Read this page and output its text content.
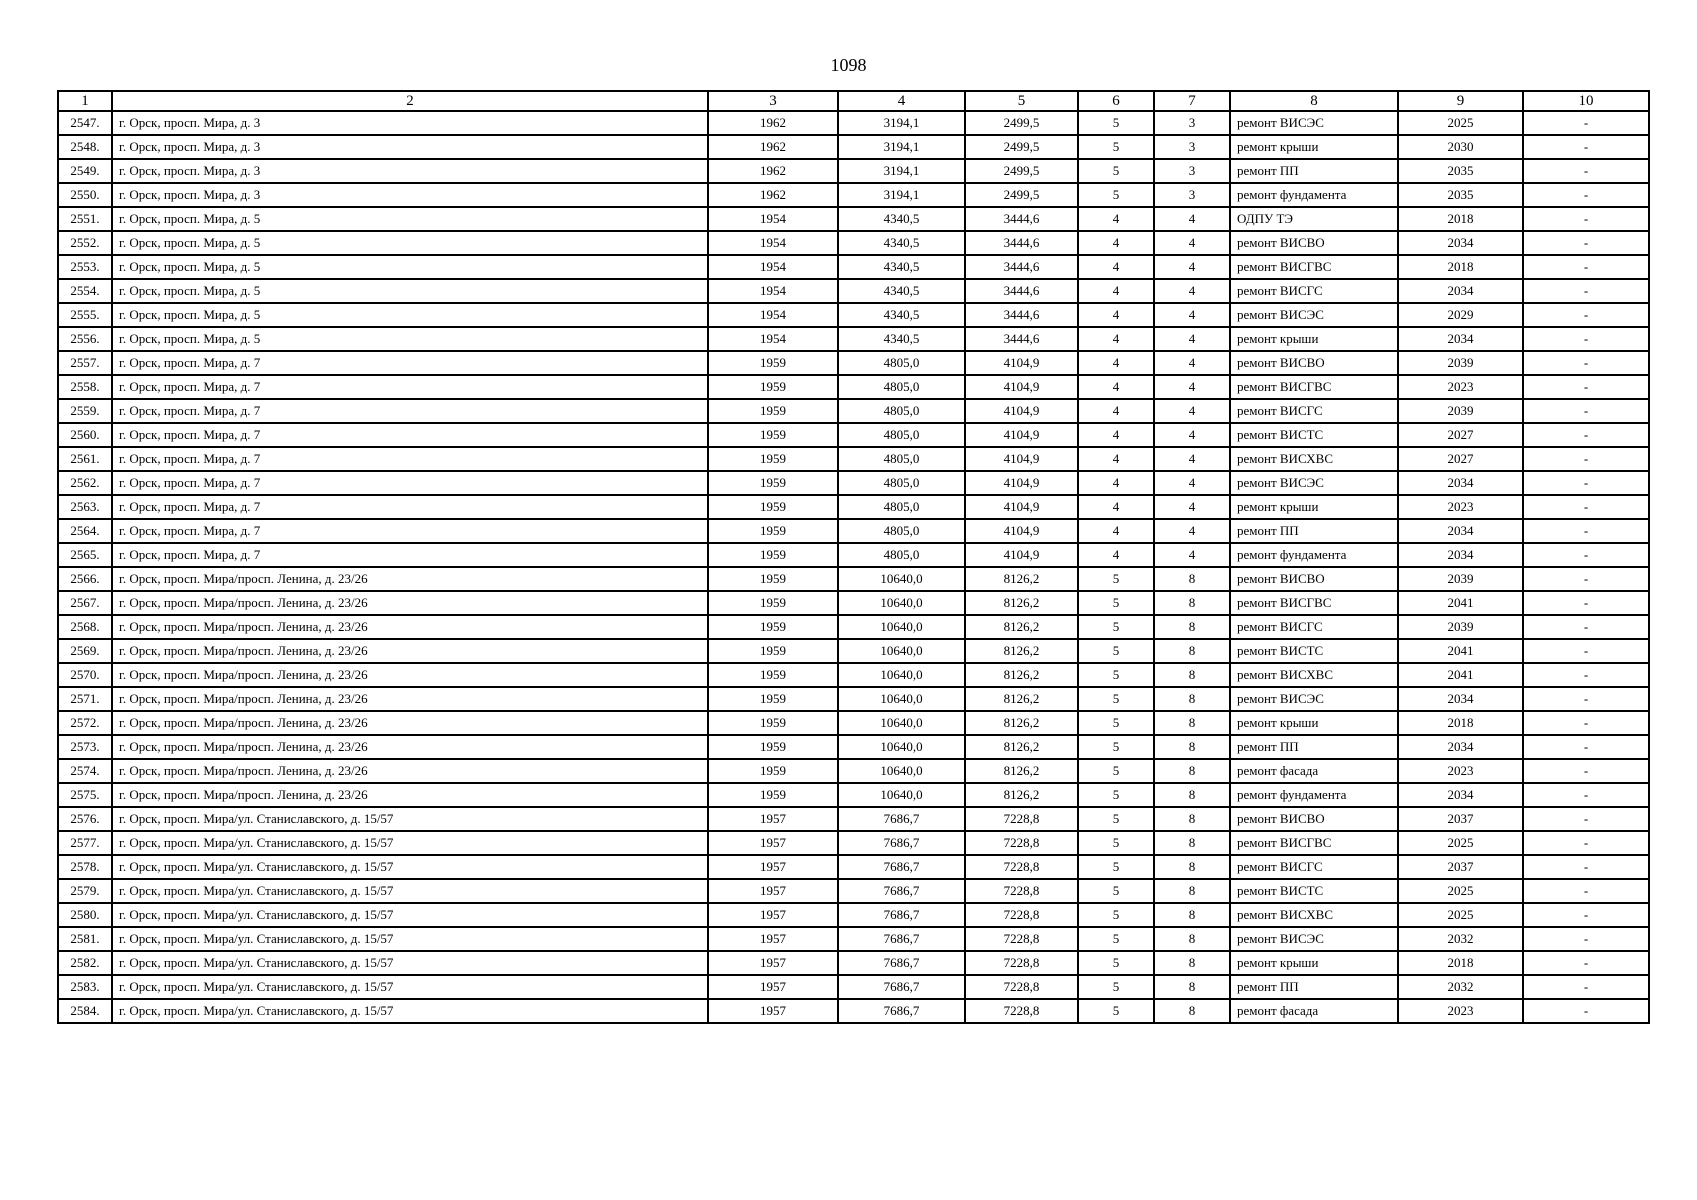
1098
1	2	3	4	5	6	7	8	9	10
2547.	г. Орск, просп. Мира, д. 3	1962	3194,1	2499,5	5	3	ремонт ВИСЭС	2025	-
2548.	г. Орск, просп. Мира, д. 3	1962	3194,1	2499,5	5	3	ремонт крыши	2030	-
2549.	г. Орск, просп. Мира, д. 3	1962	3194,1	2499,5	5	3	ремонт ПП	2035	-
2550.	г. Орск, просп. Мира, д. 3	1962	3194,1	2499,5	5	3	ремонт фундамента	2035	-
2551.	г. Орск, просп. Мира, д. 5	1954	4340,5	3444,6	4	4	ОДПУ ТЭ	2018	-
2552.	г. Орск, просп. Мира, д. 5	1954	4340,5	3444,6	4	4	ремонт ВИСВО	2034	-
2553.	г. Орск, просп. Мира, д. 5	1954	4340,5	3444,6	4	4	ремонт ВИСГВС	2018	-
2554.	г. Орск, просп. Мира, д. 5	1954	4340,5	3444,6	4	4	ремонт ВИСГС	2034	-
2555.	г. Орск, просп. Мира, д. 5	1954	4340,5	3444,6	4	4	ремонт ВИСЭС	2029	-
2556.	г. Орск, просп. Мира, д. 5	1954	4340,5	3444,6	4	4	ремонт крыши	2034	-
2557.	г. Орск, просп. Мира, д. 7	1959	4805,0	4104,9	4	4	ремонт ВИСВО	2039	-
2558.	г. Орск, просп. Мира, д. 7	1959	4805,0	4104,9	4	4	ремонт ВИСГВС	2023	-
2559.	г. Орск, просп. Мира, д. 7	1959	4805,0	4104,9	4	4	ремонт ВИСГС	2039	-
2560.	г. Орск, просп. Мира, д. 7	1959	4805,0	4104,9	4	4	ремонт ВИСТС	2027	-
2561.	г. Орск, просп. Мира, д. 7	1959	4805,0	4104,9	4	4	ремонт ВИСХВС	2027	-
2562.	г. Орск, просп. Мира, д. 7	1959	4805,0	4104,9	4	4	ремонт ВИСЭС	2034	-
2563.	г. Орск, просп. Мира, д. 7	1959	4805,0	4104,9	4	4	ремонт крыши	2023	-
2564.	г. Орск, просп. Мира, д. 7	1959	4805,0	4104,9	4	4	ремонт ПП	2034	-
2565.	г. Орск, просп. Мира, д. 7	1959	4805,0	4104,9	4	4	ремонт фундамента	2034	-
2566.	г. Орск, просп. Мира/просп. Ленина, д. 23/26	1959	10640,0	8126,2	5	8	ремонт ВИСВО	2039	-
2567.	г. Орск, просп. Мира/просп. Ленина, д. 23/26	1959	10640,0	8126,2	5	8	ремонт ВИСГВС	2041	-
2568.	г. Орск, просп. Мира/просп. Ленина, д. 23/26	1959	10640,0	8126,2	5	8	ремонт ВИСГС	2039	-
2569.	г. Орск, просп. Мира/просп. Ленина, д. 23/26	1959	10640,0	8126,2	5	8	ремонт ВИСТС	2041	-
2570.	г. Орск, просп. Мира/просп. Ленина, д. 23/26	1959	10640,0	8126,2	5	8	ремонт ВИСХВС	2041	-
2571.	г. Орск, просп. Мира/просп. Ленина, д. 23/26	1959	10640,0	8126,2	5	8	ремонт ВИСЭС	2034	-
2572.	г. Орск, просп. Мира/просп. Ленина, д. 23/26	1959	10640,0	8126,2	5	8	ремонт крыши	2018	-
2573.	г. Орск, просп. Мира/просп. Ленина, д. 23/26	1959	10640,0	8126,2	5	8	ремонт ПП	2034	-
2574.	г. Орск, просп. Мира/просп. Ленина, д. 23/26	1959	10640,0	8126,2	5	8	ремонт фасада	2023	-
2575.	г. Орск, просп. Мира/просп. Ленина, д. 23/26	1959	10640,0	8126,2	5	8	ремонт фундамента	2034	-
2576.	г. Орск, просп. Мира/ул. Станиславского, д. 15/57	1957	7686,7	7228,8	5	8	ремонт ВИСВО	2037	-
2577.	г. Орск, просп. Мира/ул. Станиславского, д. 15/57	1957	7686,7	7228,8	5	8	ремонт ВИСГВС	2025	-
2578.	г. Орск, просп. Мира/ул. Станиславского, д. 15/57	1957	7686,7	7228,8	5	8	ремонт ВИСГС	2037	-
2579.	г. Орск, просп. Мира/ул. Станиславского, д. 15/57	1957	7686,7	7228,8	5	8	ремонт ВИСТС	2025	-
2580.	г. Орск, просп. Мира/ул. Станиславского, д. 15/57	1957	7686,7	7228,8	5	8	ремонт ВИСХВС	2025	-
2581.	г. Орск, просп. Мира/ул. Станиславского, д. 15/57	1957	7686,7	7228,8	5	8	ремонт ВИСЭС	2032	-
2582.	г. Орск, просп. Мира/ул. Станиславского, д. 15/57	1957	7686,7	7228,8	5	8	ремонт крыши	2018	-
2583.	г. Орск, просп. Мира/ул. Станиславского, д. 15/57	1957	7686,7	7228,8	5	8	ремонт ПП	2032	-
2584.	г. Орск, просп. Мира/ул. Станиславского, д. 15/57	1957	7686,7	7228,8	5	8	ремонт фасада	2023	-
